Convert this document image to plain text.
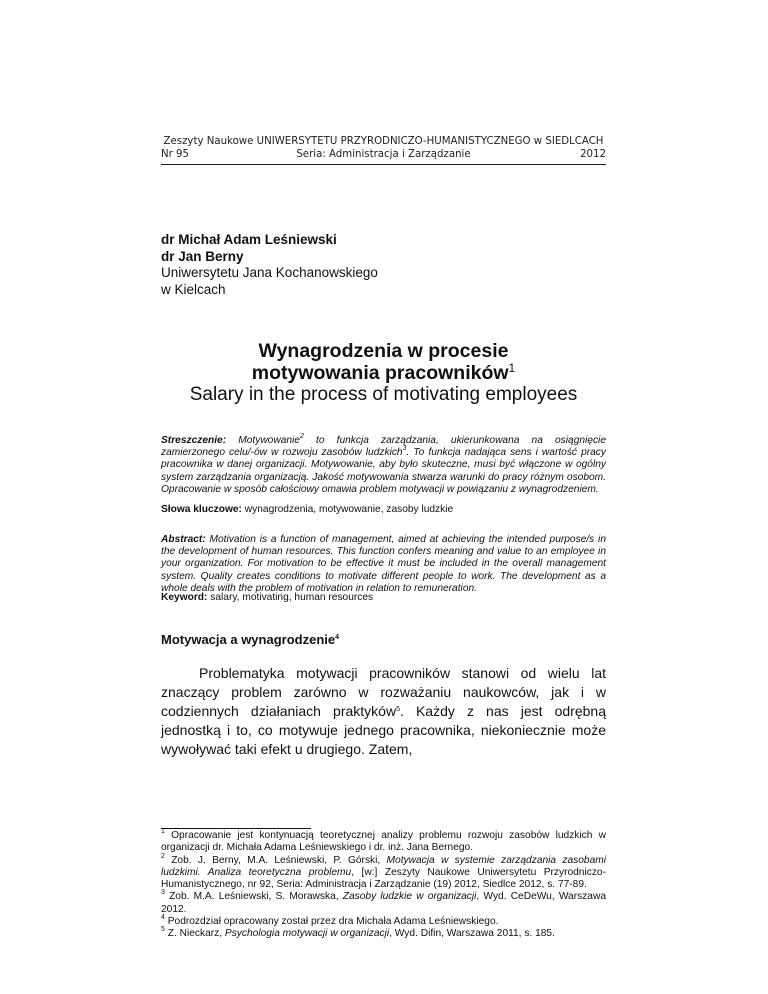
Zeszyty Naukowe UNIWERSYTETU PRZYRODNICZO-HUMANISTYCZNEGO w SIEDLCACH
Nr 95	Seria: Administracja i Zarządzanie	2012
dr Michał Adam Leśniewski
dr Jan Berny
Uniwersytetu Jana Kochanowskiego
w Kielcach
Wynagrodzenia w procesie
motywowania pracowników$^1$
Salary in the process of motivating employees
Streszczenie: Motywowanie$^2$ to funkcja zarządzania, ukierunkowana na osiągnięcie zamierzonego celu/-ów w rozwoju zasobów ludzkich$^3$. To funkcja nadająca sens i wartość pracy pracownika w danej organizacji. Motywowanie, aby było skuteczne, musi być włączone w ogólny system zarządzania organizacją. Jakość motywowania stwarza warunki do pracy różnym osobom. Opracowanie w sposób całościowy omawia problem motywacji w powiązaniu z wynagrodzeniem.
Słowa kluczowe: wynagrodzenia, motywowanie, zasoby ludzkie
Abstract: Motivation is a function of management, aimed at achieving the intended purpose/s in the development of human resources. This function confers meaning and value to an employee in your organization. For motivation to be effective it must be included in the overall management system. Quality creates conditions to motivate different people to work. The development as a whole deals with the problem of motivation in relation to remuneration.
Keyword: salary, motivating, human resources
Motywacja a wynagrodzenie$^4$
Problematyka motywacji pracowników stanowi od wielu lat znaczący problem zarówno w rozważaniu naukowców, jak i w codziennych działaniach praktyków$^5$. Każdy z nas jest odrębną jednostką i to, co motywuje jednego pracownika, niekoniecznie może wywoływać taki efekt u drugiego. Zatem,
$^1$ Opracowanie jest kontynuacją teoretycznej analizy problemu rozwoju zasobów ludzkich w organizacji dr. Michała Adama Leśniewskiego i dr. inż. Jana Bernego.
$^2$ Zob. J. Berny, M.A. Leśniewski, P. Górski, Motywacja w systemie zarządzania zasobami ludzkimi. Analiza teoretyczna problemu, [w:] Zeszyty Naukowe Uniwersytetu Przyrodniczo-Humanistycznego, nr 92, Seria: Administracja i Zarządzanie (19) 2012, Siedlce 2012, s. 77-89.
$^3$ Zob. M.A. Leśniewski, S. Morawska, Zasoby ludzkie w organizacji, Wyd. CeDeWu, Warszawa 2012.
$^4$ Podrozdział opracowany został przez dra Michała Adama Leśniewskiego.
$^5$ Z. Nieckarz, Psychologia motywacji w organizacji, Wyd. Difin, Warszawa 2011, s. 185.
